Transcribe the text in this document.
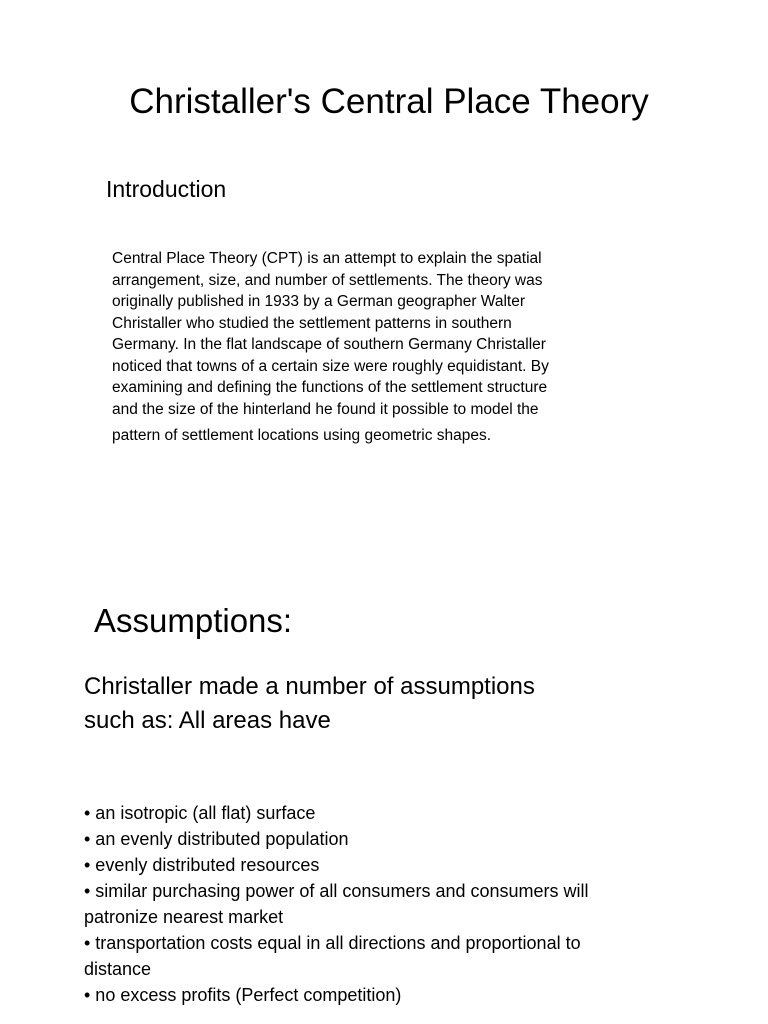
Christaller's Central Place Theory
Introduction
Central Place Theory (CPT) is an attempt to explain the spatial
arrangement, size, and number of settlements. The theory was
originally published in 1933 by a German geographer Walter
Christaller who studied the settlement patterns in southern
Germany. In the flat landscape of southern Germany Christaller
noticed that towns of a certain size were roughly equidistant. By
examining and defining the functions of the settlement structure
and the size of the hinterland he found it possible to model the
pattern of settlement locations using geometric shapes.
Assumptions:
Christaller made a number of assumptions
such as: All areas have
• an isotropic (all flat) surface
• an evenly distributed population
• evenly distributed resources
• similar purchasing power of all consumers and consumers will
patronize nearest market
• transportation costs equal in all directions and proportional to
distance
• no excess profits (Perfect competition)
